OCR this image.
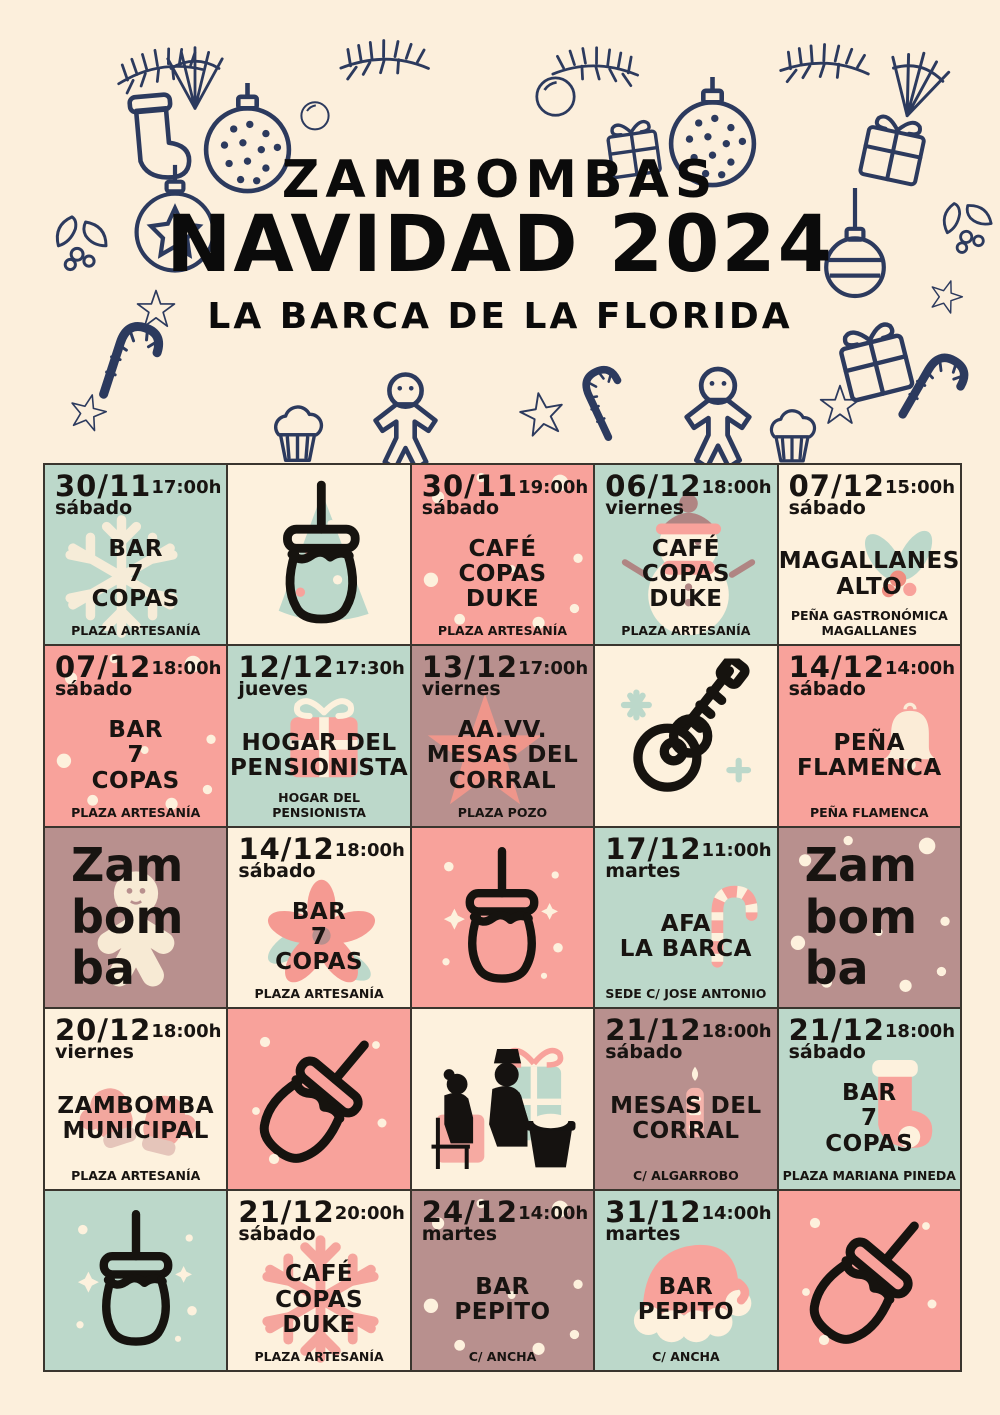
ZAMBOMBAS
NAVIDAD 2024
LA BARCA DE LA FLORIDA
30/11 17:00h
sábado
BAR
7
COPAS
PLAZA ARTESANÍA
30/11 19:00h
sábado
CAFÉ
COPAS
DUKE
PLAZA ARTESANÍA
06/12 18:00h
viernes
CAFÉ
COPAS
DUKE
PLAZA ARTESANÍA
07/12 15:00h
sábado
MAGALLANES
ALTO
PEÑA GASTRONÓMICA
MAGALLANES
07/12 18:00h
sábado
BAR
7
COPAS
PLAZA ARTESANÍA
12/12 17:30h
jueves
HOGAR DEL
PENSIONISTA
HOGAR DEL PENSIONISTA
13/12 17:00h
viernes
AA.VV.
MESAS DEL
CORRAL
PLAZA POZO
14/12 14:00h
sábado
PEÑA
FLAMENCA
PEÑA FLAMENCA
Zam
bom
ba
14/12 18:00h
sábado
BAR
7
COPAS
PLAZA ARTESANÍA
17/12 11:00h
martes
AFA
LA BARCA
SEDE C/ JOSE ANTONIO
Zam
bom
ba
20/12 18:00h
viernes
ZAMBOMBA
MUNICIPAL
PLAZA ARTESANÍA
21/12 18:00h
sábado
MESAS DEL
CORRAL
C/ ALGARROBO
21/12 18:00h
sábado
BAR
7
COPAS
PLAZA MARIANA PINEDA
21/12 20:00h
sábado
CAFÉ
COPAS
DUKE
PLAZA ARTESANÍA
24/12 14:00h
martes
BAR
PEPITO
C/ ANCHA
31/12 14:00h
martes
BAR
PEPITO
C/ ANCHA
